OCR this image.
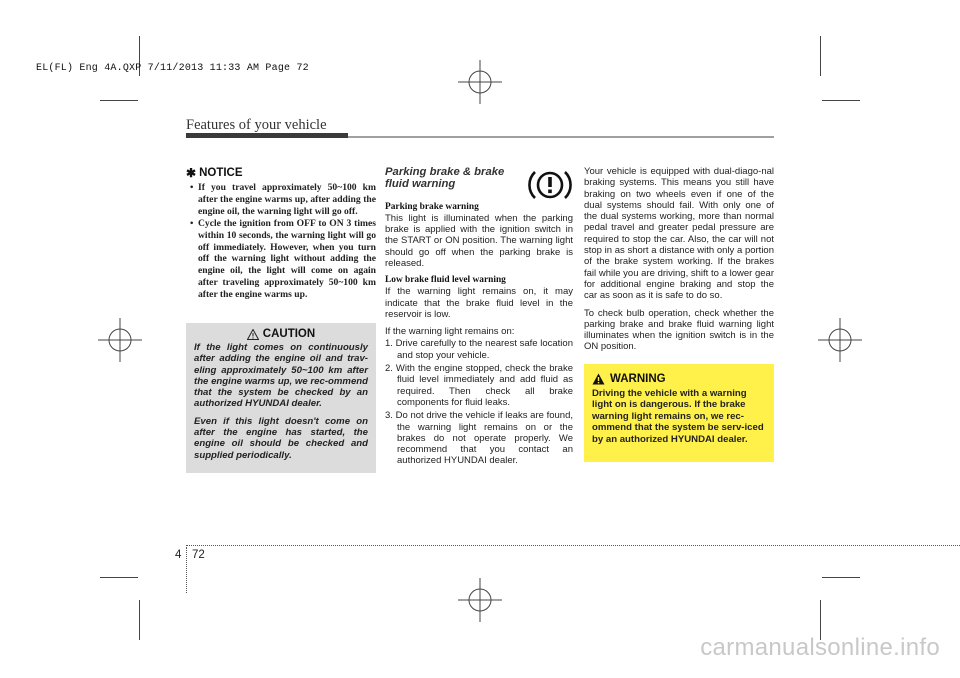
EL(FL) Eng 4A.QXP 7/11/2013 11:33 AM Page 72
Features of your vehicle
✱ NOTICE
• If you travel approximately 50~100 km after the engine warms up, after adding the engine oil, the warning light will go off.
• Cycle the ignition from OFF to ON 3 times within 10 seconds, the warning light will go off immediately. However, when you turn off the warning light without adding the engine oil, the light will come on again after traveling approximately 50~100 km after the engine warms up.
CAUTION

If the light comes on continuously after adding the engine oil and trav-eling approximately 50~100 km after the engine warms up, we rec-ommend that the system be checked by an authorized HYUNDAI dealer.

Even if this light doesn't come on after the engine has started, the engine oil should be checked and supplied periodically.

Parking brake & brake fluid warning
Parking brake warning

This light is illuminated when the parking brake is applied with the ignition switch in the START or ON position. The warning light should go off when the parking brake is released.

Low brake fluid level warning

If the warning light remains on, it may indicate that the brake fluid level in the reservoir is low.

If the warning light remains on:

1. Drive carefully to the nearest safe location and stop your vehicle.
2. With the engine stopped, check the brake fluid level immediately and add fluid as required. Then check all brake components for fluid leaks.
3. Do not drive the vehicle if leaks are found, the warning light remains on or the brakes do not operate properly. We recommend that you contact an authorized HYUNDAI dealer.

Your vehicle is equipped with dual-diago-nal braking systems. This means you still have braking on two wheels even if one of the dual systems should fail. With only one of the dual systems working, more than normal pedal travel and greater pedal pressure are required to stop the car. Also, the car will not stop in as short a distance with only a portion of the brake system working. If the brakes fail while you are driving, shift to a lower gear for additional engine braking and stop the car as soon as it is safe to do so.

To check bulb operation, check whether the parking brake and brake fluid warning light illuminates when the ignition switch is in the ON position.

WARNING

Driving the vehicle with a warning light on is dangerous. If the brake warning light remains on, we rec-ommend that the system be serv-iced by an authorized HYUNDAI dealer.

4 72
carmanualsonline.info
